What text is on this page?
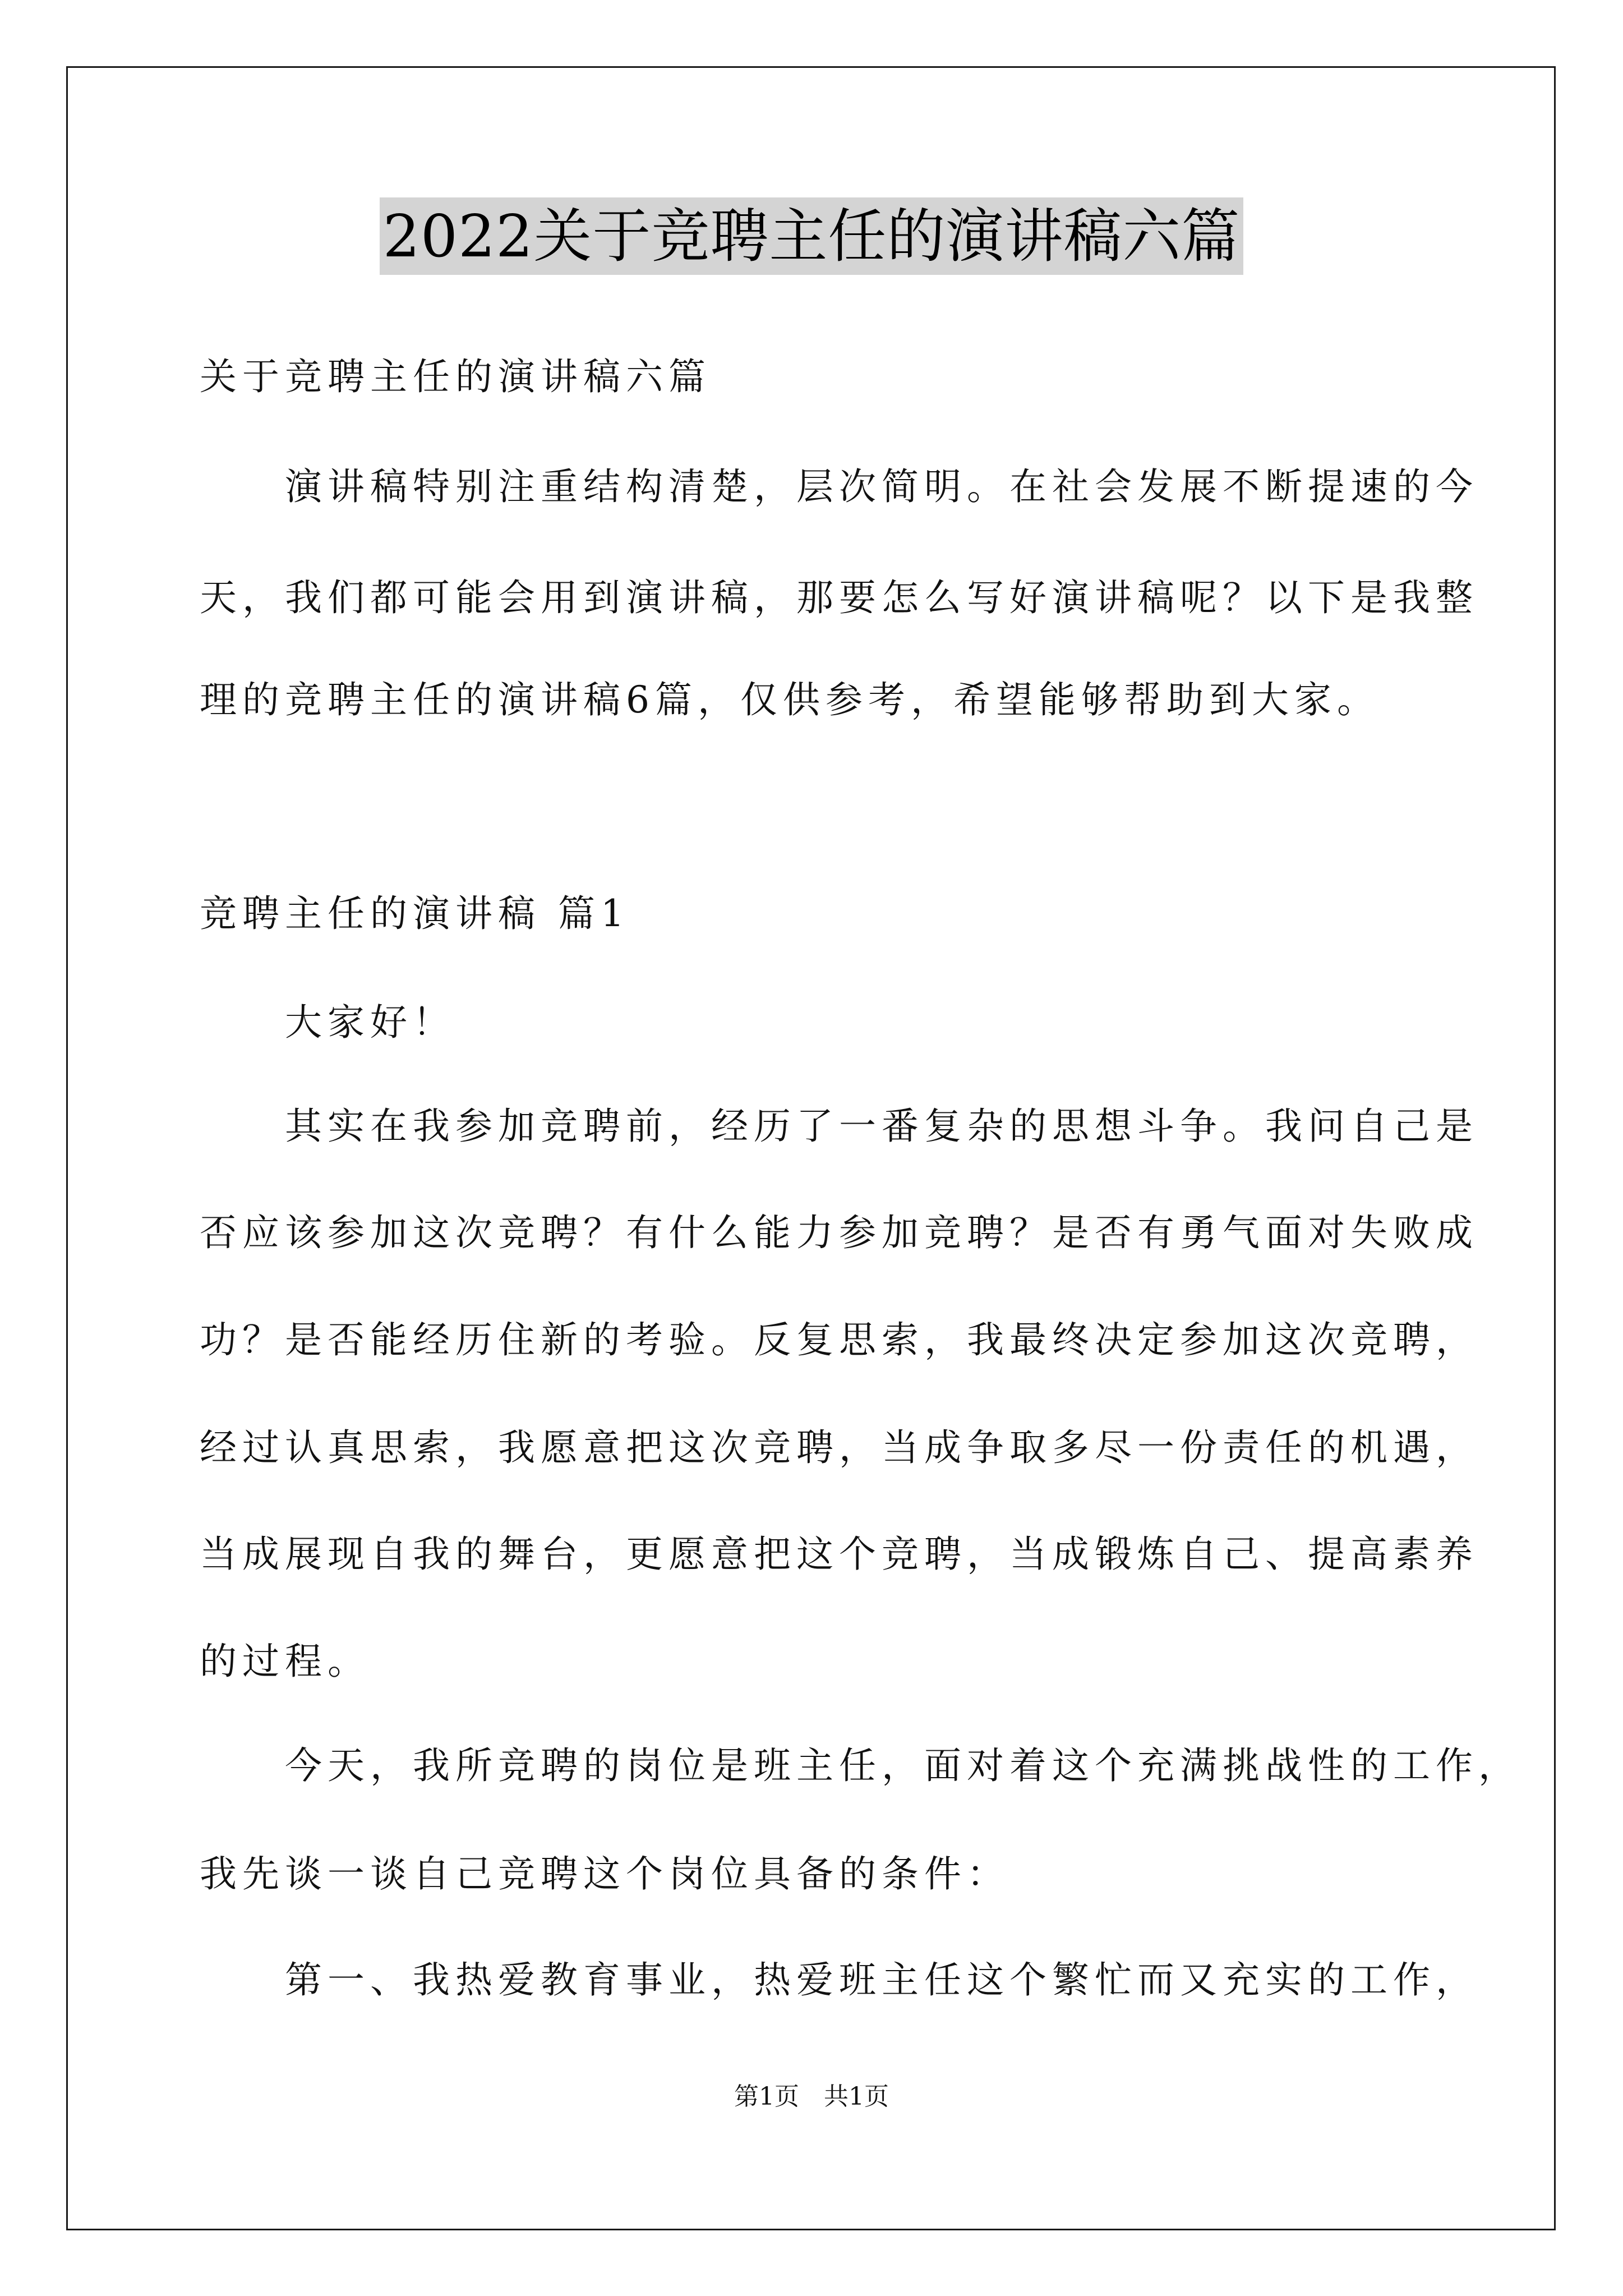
2022关于竞聘主任的演讲稿六篇
关于竞聘主任的演讲稿六篇
　　演讲稿特别注重结构清楚，层次简明。在社会发展不断提速的今
天，我们都可能会用到演讲稿，那要怎么写好演讲稿呢？以下是我整
理的竞聘主任的演讲稿6篇，仅供参考，希望能够帮助到大家。
竞聘主任的演讲稿 篇1
　　大家好！
　　其实在我参加竞聘前，经历了一番复杂的思想斗争。我问自己是
否应该参加这次竞聘？有什么能力参加竞聘？是否有勇气面对失败成
功？是否能经历住新的考验。反复思索，我最终决定参加这次竞聘，
经过认真思索，我愿意把这次竞聘，当成争取多尽一份责任的机遇，
当成展现自我的舞台，更愿意把这个竞聘，当成锻炼自己、提高素养
的过程。
　　今天，我所竞聘的岗位是班主任，面对着这个充满挑战性的工作，
我先谈一谈自己竞聘这个岗位具备的条件：
　　第一、我热爱教育事业，热爱班主任这个繁忙而又充实的工作，
第1页　共1页
